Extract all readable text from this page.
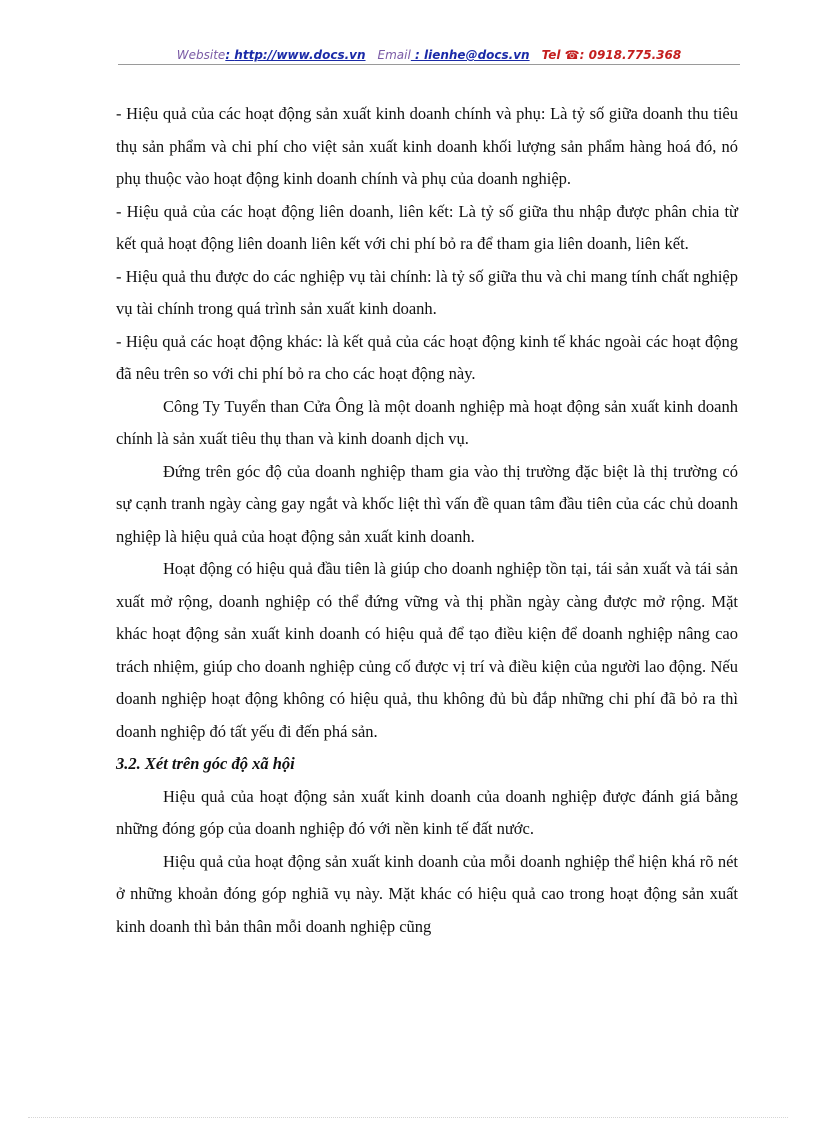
Website: http://www.docs.vn Email : lienhe@docs.vn Tel ☎: 0918.775.368

- Hiệu quả của các hoạt động sản xuất kinh doanh chính và phụ: Là tỷ số giữa doanh thu tiêu thụ sản phẩm và chi phí cho việt sản xuất kinh doanh khối lượng sản phẩm hàng hoá đó, nó phụ thuộc vào hoạt động kinh doanh chính và phụ của doanh nghiệp.

- Hiệu quả của các hoạt động liên doanh, liên kết: Là tỷ số giữa thu nhập được phân chia từ kết quả hoạt động liên doanh liên kết với chi phí bỏ ra để tham gia liên doanh, liên kết.

- Hiệu quả thu được do các nghiệp vụ tài chính: là tỷ số giữa thu và chi mang tính chất nghiệp vụ tài chính trong quá trình sản xuất kinh doanh.

- Hiệu quả các hoạt động khác: là kết quả của các hoạt động kinh tế khác ngoài các hoạt động đã nêu trên so với chi phí bỏ ra cho các hoạt động này.

Công Ty Tuyển than Cửa Ông là một doanh nghiệp mà hoạt động sản xuất kinh doanh chính là sản xuất tiêu thụ than và kinh doanh dịch vụ.

Đứng trên góc độ của doanh nghiệp tham gia vào thị trường đặc biệt là thị trường có sự cạnh tranh ngày càng gay ngắt và khốc liệt thì vấn đề quan tâm đầu tiên của các chủ doanh nghiệp là hiệu quả của hoạt động sản xuất kinh doanh.

Hoạt động có hiệu quả đầu tiên là giúp cho doanh nghiệp tồn tại, tái sản xuất và tái sản xuất mở rộng, doanh nghiệp có thể đứng vững và thị phần ngày càng được mở rộng. Mặt khác hoạt động sản xuất kinh doanh có hiệu quả để tạo điều kiện để doanh nghiệp nâng cao trách nhiệm, giúp cho doanh nghiệp củng cố được vị trí và điều kiện của người lao động. Nếu doanh nghiệp hoạt động không có hiệu quả, thu không đủ bù đắp những chi phí đã bỏ ra thì doanh nghiệp đó tất yếu đi đến phá sản.

3.2. Xét trên góc độ xã hội

Hiệu quả của hoạt động sản xuất kinh doanh của doanh nghiệp được đánh giá bằng những đóng góp của doanh nghiệp đó với nền kinh tế đất nước.

Hiệu quả của hoạt động sản xuất kinh doanh của mỗi doanh nghiệp thể hiện khá rõ nét ở những khoản đóng góp nghiã vụ này. Mặt khác có hiệu quả cao trong hoạt động sản xuất kinh doanh thì bản thân mỗi doanh nghiệp cũng
